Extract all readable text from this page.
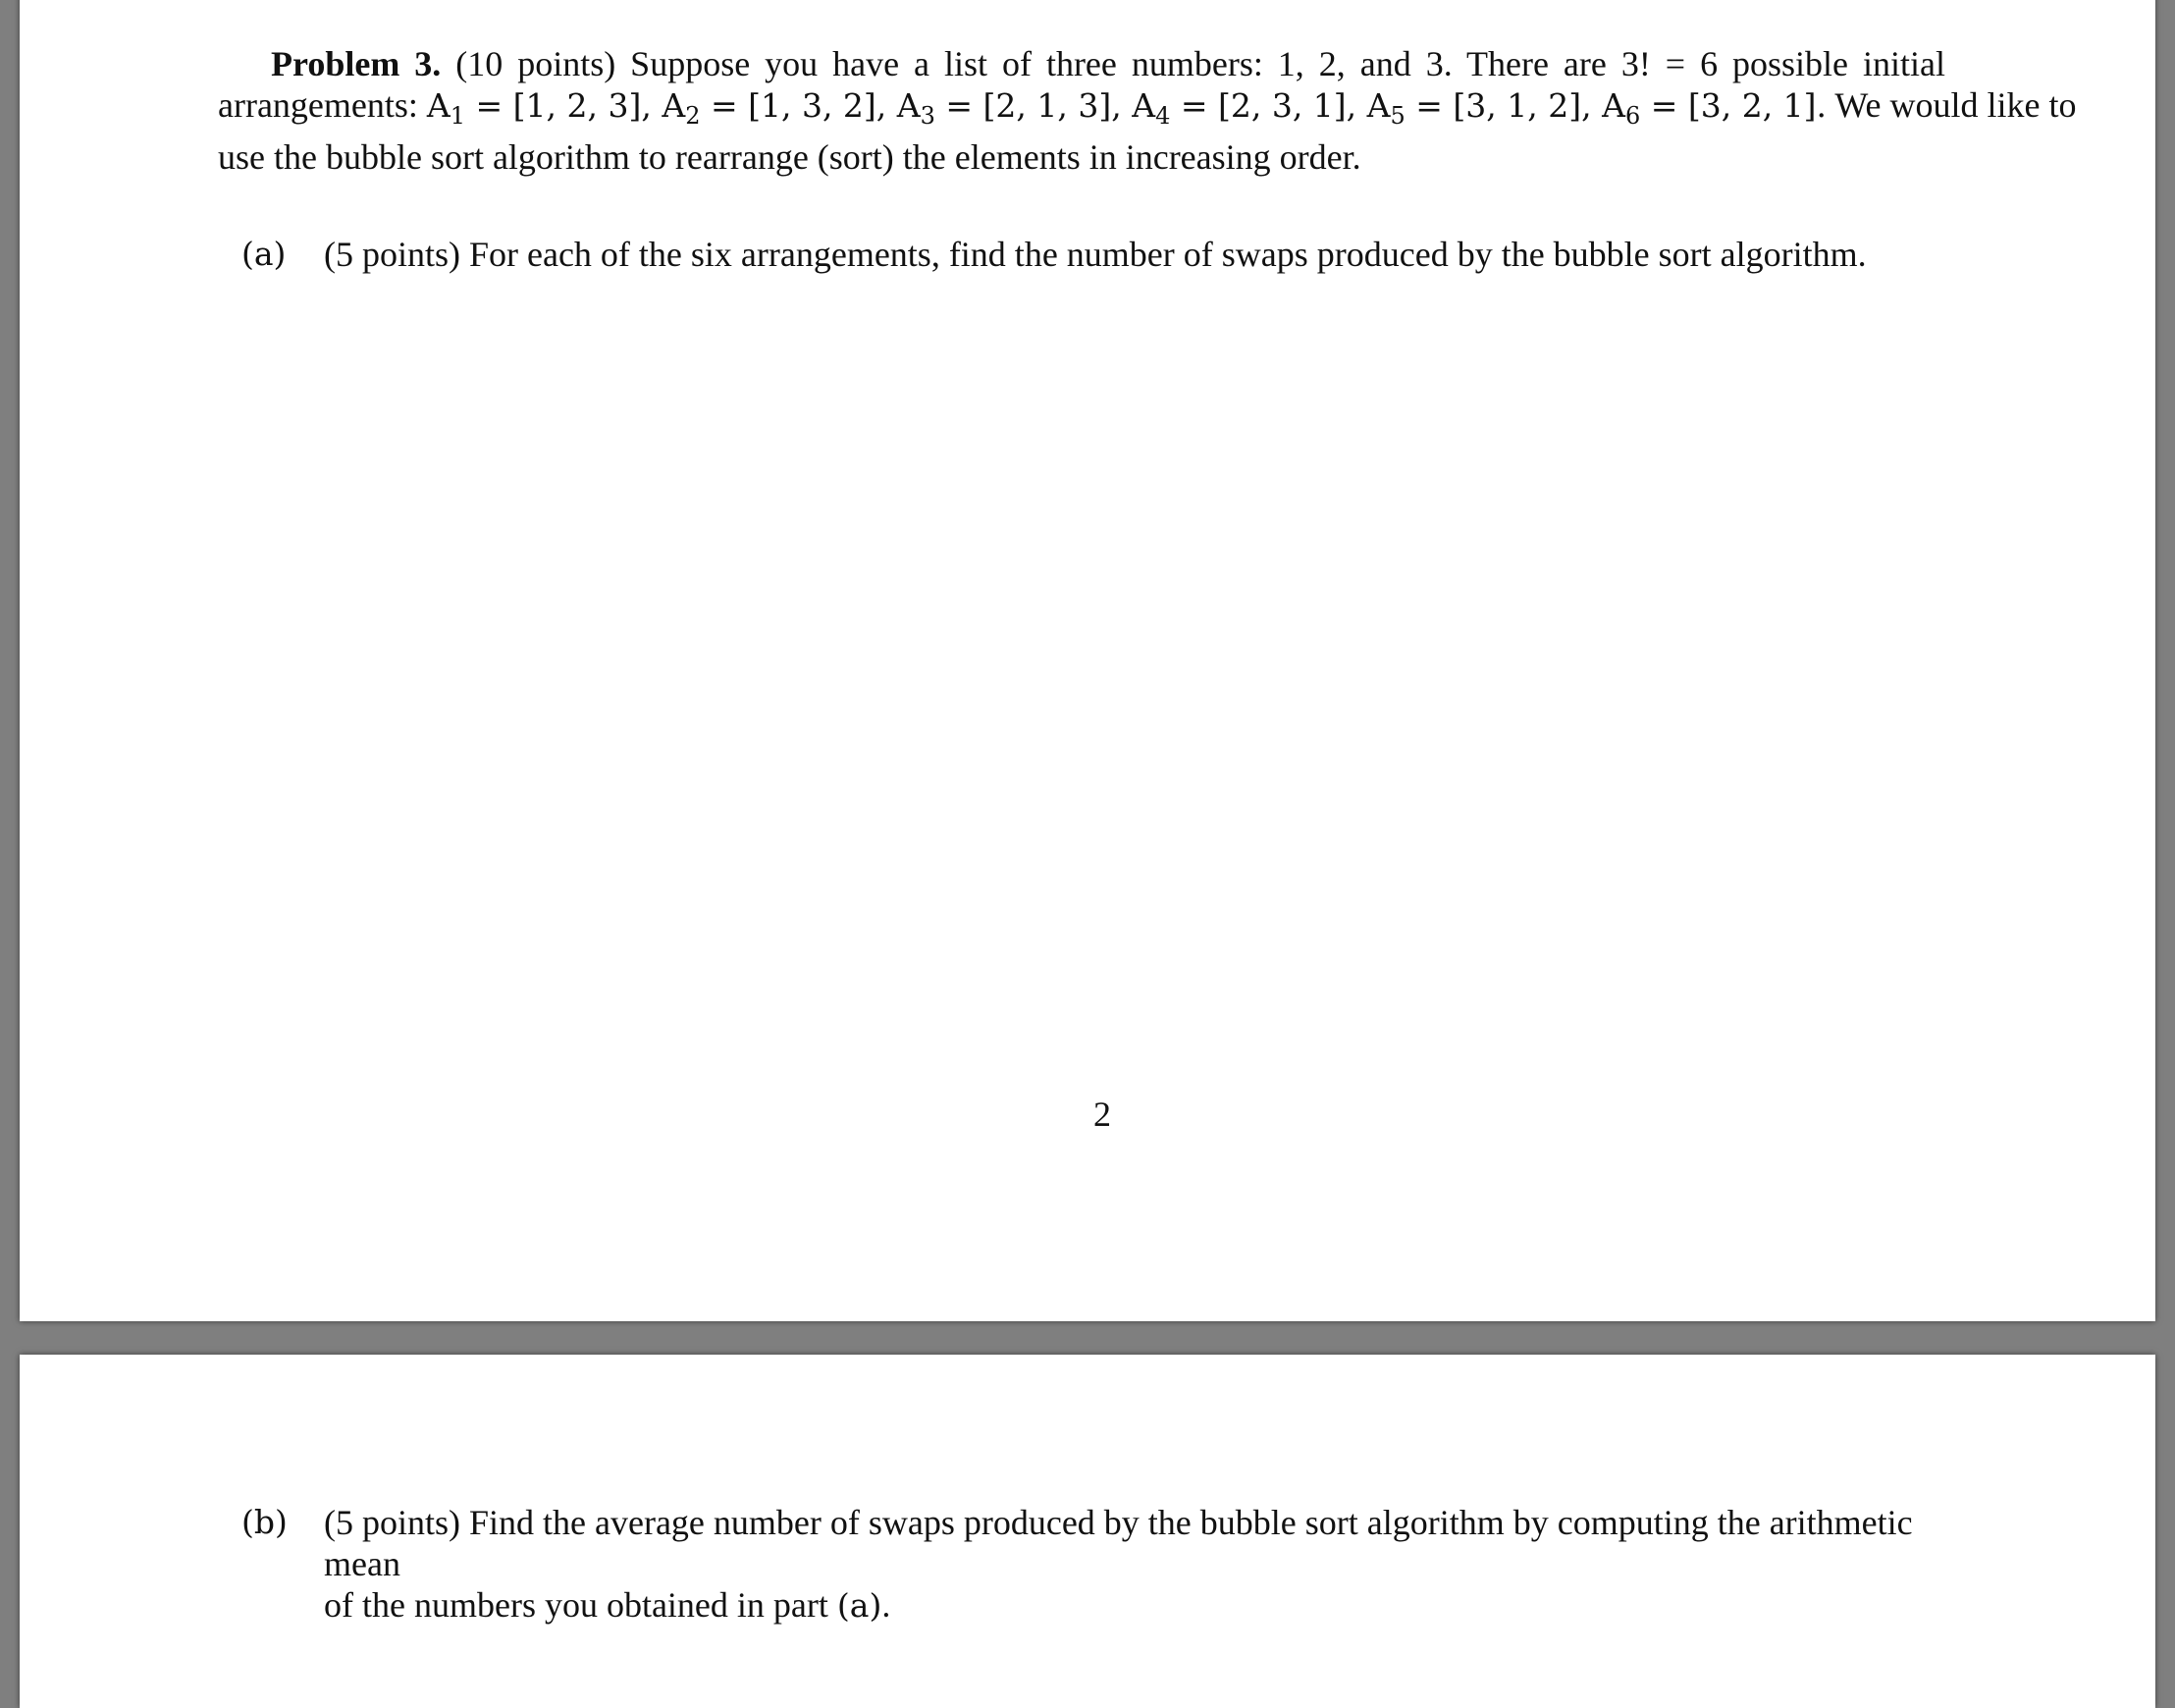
Problem 3. (10 points) Suppose you have a list of three numbers: 1, 2, and 3. There are 3! = 6 possible initial
arrangements: $A_1 = [1$, 2, 3], $A_2 = [1$, 3, 2], $A_3 = [2$, 1, 3], $A_4 = [2$, 3, 1], $A_5 = [3$, 1, 2], $A_6 = [3$, 2, 1]. We would like to
use the bubble sort algorithm to rearrange (sort) the elements in increasing order.
(a) (5 points) For each of the six arrangements, find the number of swaps produced by the bubble sort algorithm.
2
(b) (5 points) Find the average number of swaps produced by the bubble sort algorithm by computing the arithmetic mean
of the numbers you obtained in part (a).
